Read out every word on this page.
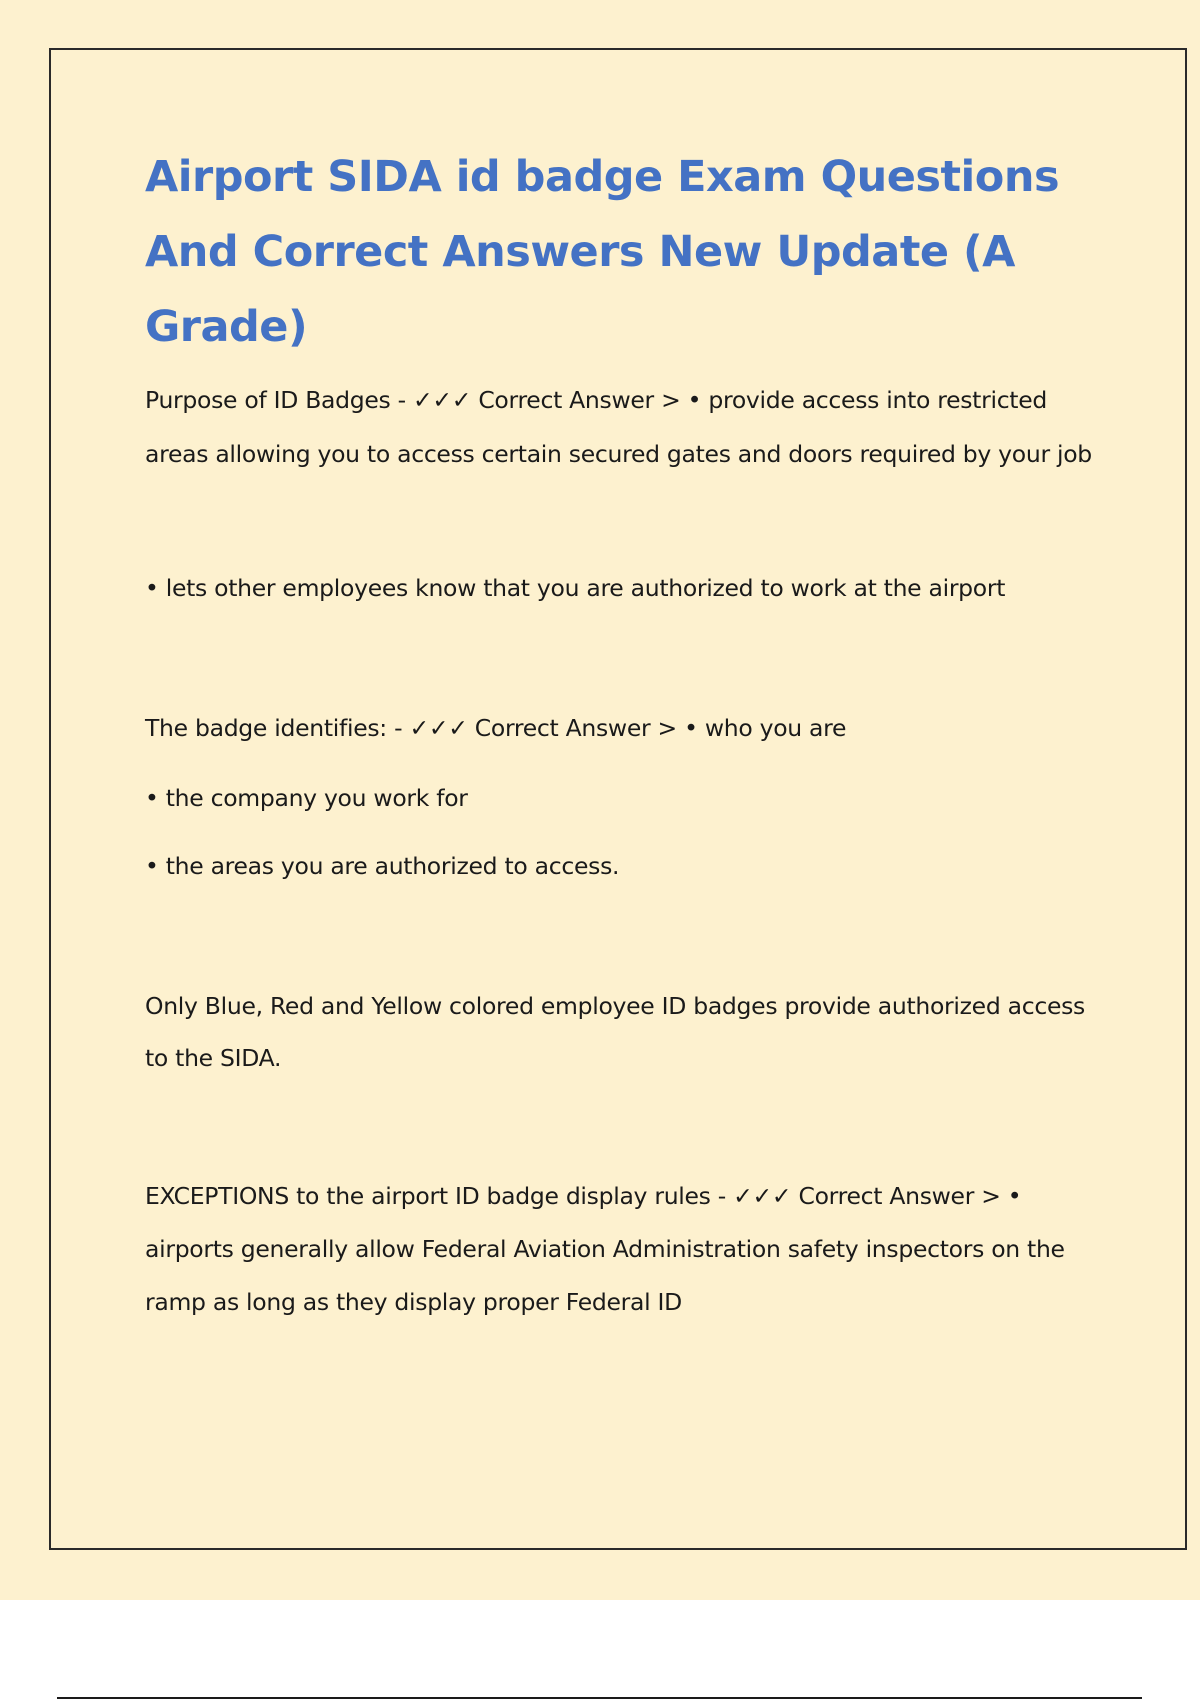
Airport SIDA id badge Exam Questions And Correct Answers New Update (A Grade)

Purpose of ID Badges - ✓✓✓ Correct Answer > • provide access into restricted areas allowing you to access certain secured gates and doors required by your job

• lets other employees know that you are authorized to work at the airport

The badge identifies: - ✓✓✓ Correct Answer > • who you are

• the company you work for

• the areas you are authorized to access.

Only Blue, Red and Yellow colored employee ID badges provide authorized access to the SIDA.

EXCEPTIONS to the airport ID badge display rules - ✓✓✓ Correct Answer > • airports generally allow Federal Aviation Administration safety inspectors on the ramp as long as they display proper Federal ID
